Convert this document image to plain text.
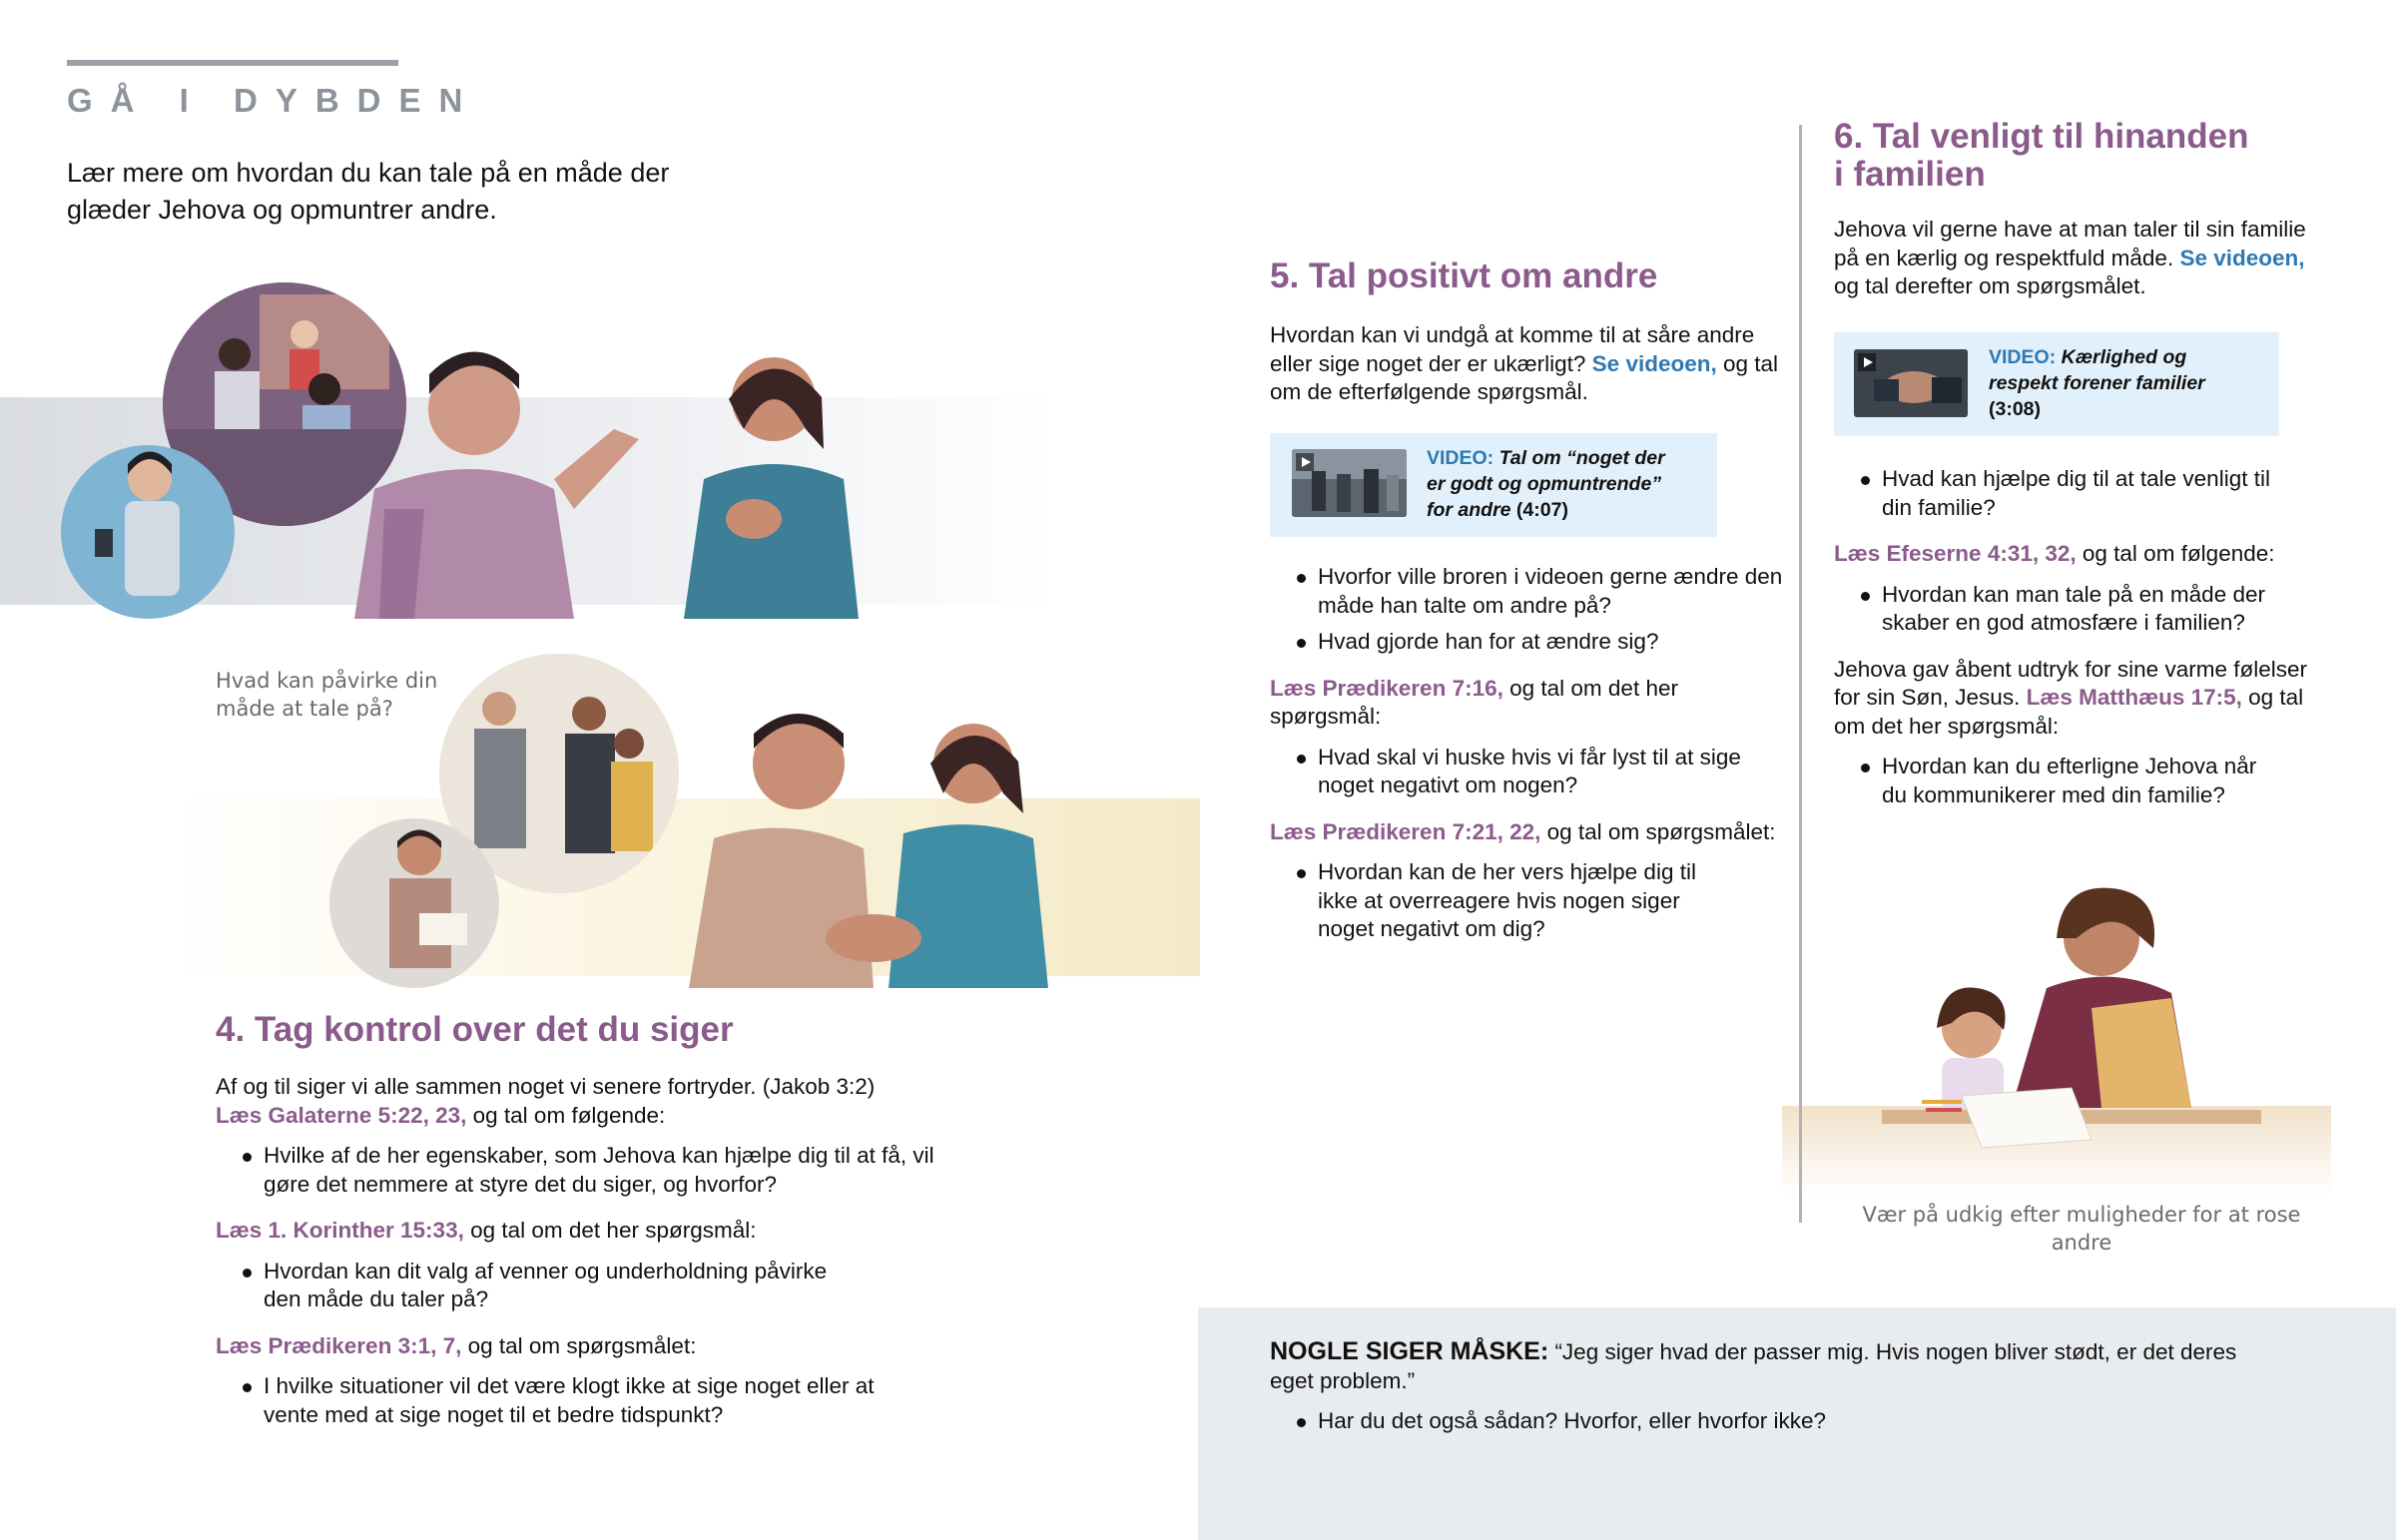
GÅ I DYBDEN
Lær mere om hvordan du kan tale på en måde der glæder Jehova og opmuntrer andre.
Hvad kan påvirke din måde at tale på?
Vær på udkig efter muligheder for at rose andre
4. Tag kontrol over det du siger
Af og til siger vi alle sammen noget vi senere fortryder. (Jakob 3:2)
Læs Galaterne 5:22, 23, og tal om følgende:
Hvilke af de her egenskaber, som Jehova kan hjælpe dig til at få, vil gøre det nemmere at styre det du siger, og hvorfor?
Læs 1. Korinther 15:33, og tal om det her spørgsmål:
Hvordan kan dit valg af venner og underholdning påvirke den måde du taler på?
Læs Prædikeren 3:1, 7, og tal om spørgsmålet:
I hvilke situationer vil det være klogt ikke at sige noget eller at vente med at sige noget til et bedre tidspunkt?
5. Tal positivt om andre
Hvordan kan vi undgå at komme til at såre andre eller sige noget der er ukærligt? Se videoen, og tal om de efterfølgende spørgsmål.
VIDEO: Tal om “noget der er godt og opmuntrende” for andre (4:07)
Hvorfor ville broren i videoen gerne ændre den måde han talte om andre på?
Hvad gjorde han for at ændre sig?
Læs Prædikeren 7:16, og tal om det her spørgsmål:
Hvad skal vi huske hvis vi får lyst til at sige noget negativt om nogen?
Læs Prædikeren 7:21, 22, og tal om spørgsmålet:
Hvordan kan de her vers hjælpe dig til ikke at overreagere hvis nogen siger noget negativt om dig?
6. Tal venligt til hinanden i familien
Jehova vil gerne have at man taler til sin familie på en kærlig og respektfuld måde. Se videoen, og tal derefter om spørgsmålet.
VIDEO: Kærlighed og respekt forener familier (3:08)
Hvad kan hjælpe dig til at tale venligt til din familie?
Læs Efeserne 4:31, 32, og tal om følgende:
Hvordan kan man tale på en måde der skaber en god atmosfære i familien?
Jehova gav åbent udtryk for sine varme følelser for sin Søn, Jesus. Læs Matthæus 17:5, og tal om det her spørgsmål:
Hvordan kan du efterligne Jehova når du kommunikerer med din familie?
NOGLE SIGER MÅSKE: “Jeg siger hvad der passer mig. Hvis nogen bliver stødt, er det deres eget problem.”
Har du det også sådan? Hvorfor, eller hvorfor ikke?
